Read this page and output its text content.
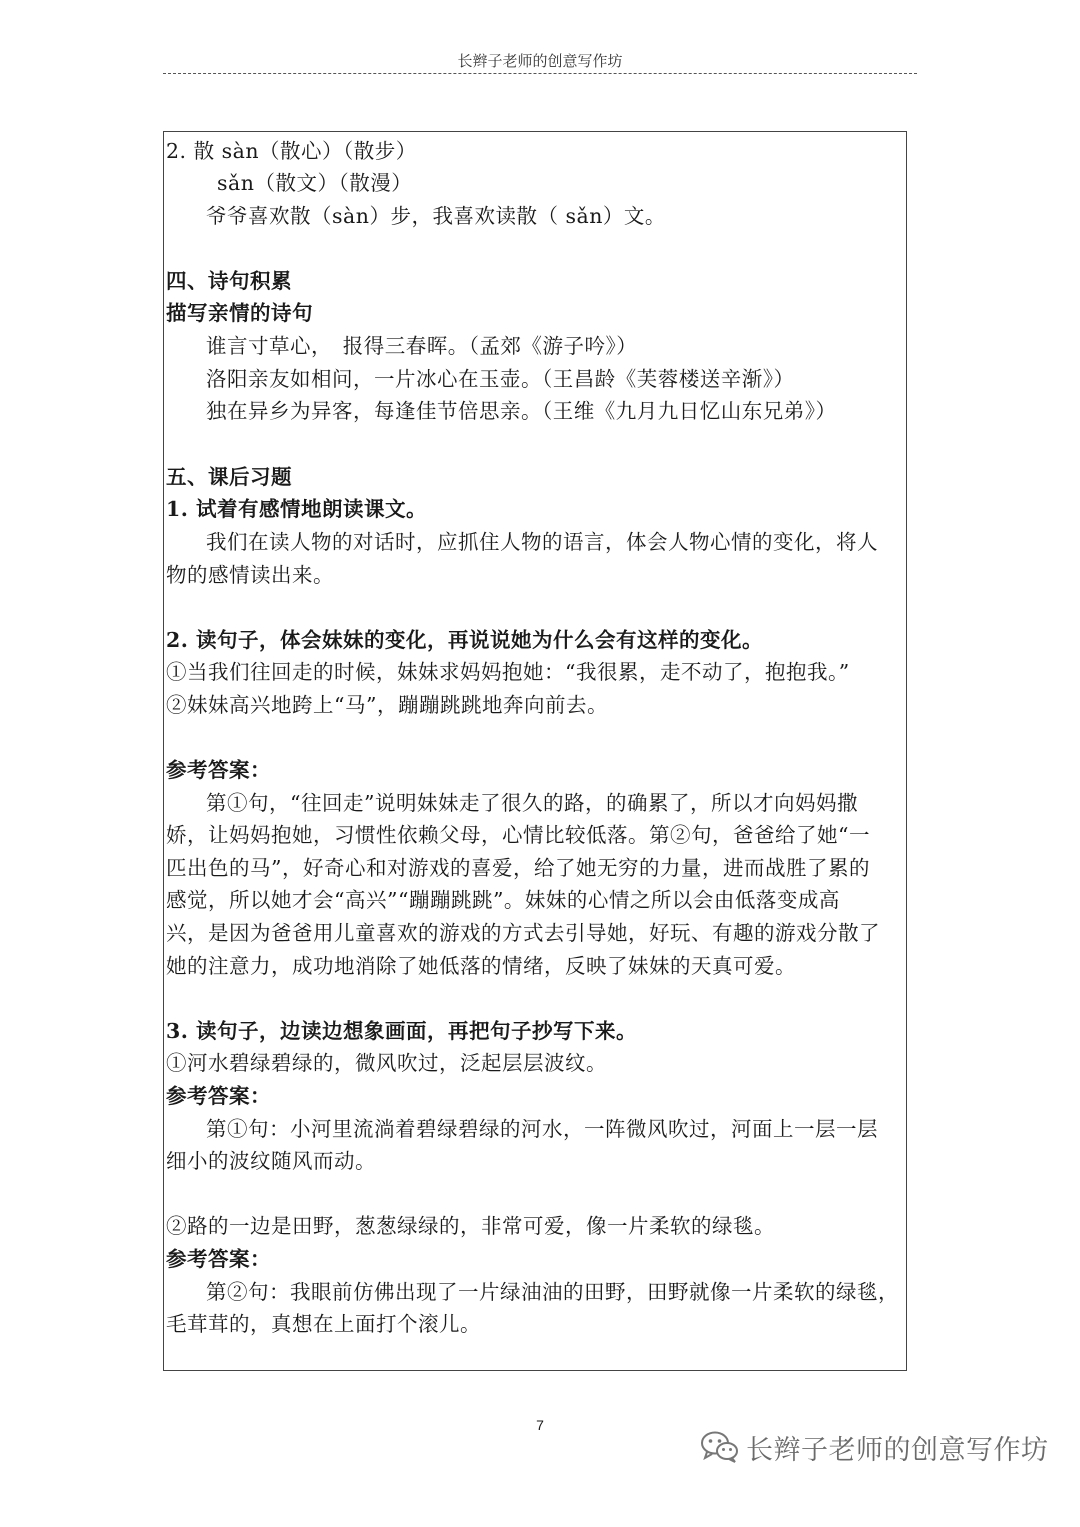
长辫子老师的创意写作坊
2. 散 sàn（散心）（散步）
sǎn（散文）（散漫）
爷爷喜欢散（sàn）步，我喜欢读散（ sǎn）文。
四、诗句积累
描写亲情的诗句
谁言寸草心，　报得三春晖。（孟郊《游子吟》）
洛阳亲友如相问，一片冰心在玉壶。（王昌龄《芙蓉楼送辛渐》）
独在异乡为异客，每逢佳节倍思亲。（王维《九月九日忆山东兄弟》）
五、课后习题
1. 试着有感情地朗读课文。
我们在读人物的对话时，应抓住人物的语言，体会人物心情的变化，将人
物的感情读出来。
2. 读句子，体会妹妹的变化，再说说她为什么会有这样的变化。
①当我们往回走的时候，妹妹求妈妈抱她：“我很累，走不动了，抱抱我。”
②妹妹高兴地跨上“马”，蹦蹦跳跳地奔向前去。
参考答案：
第①句，“往回走”说明妹妹走了很久的路，的确累了，所以才向妈妈撒
娇，让妈妈抱她，习惯性依赖父母，心情比较低落。第②句，爸爸给了她“一
匹出色的马”，好奇心和对游戏的喜爱，给了她无穷的力量，进而战胜了累的
感觉，所以她才会“高兴”“蹦蹦跳跳”。妹妹的心情之所以会由低落变成高
兴，是因为爸爸用儿童喜欢的游戏的方式去引导她，好玩、有趣的游戏分散了
她的注意力，成功地消除了她低落的情绪，反映了妹妹的天真可爱。
3. 读句子，边读边想象画面，再把句子抄写下来。
①河水碧绿碧绿的，微风吹过，泛起层层波纹。
参考答案：
第①句：小河里流淌着碧绿碧绿的河水，一阵微风吹过，河面上一层一层
细小的波纹随风而动。
②路的一边是田野，葱葱绿绿的，非常可爱，像一片柔软的绿毯。
参考答案：
第②句：我眼前仿佛出现了一片绿油油的田野，田野就像一片柔软的绿毯，
毛茸茸的，真想在上面打个滚儿。
7
长辫子老师的创意写作坊
